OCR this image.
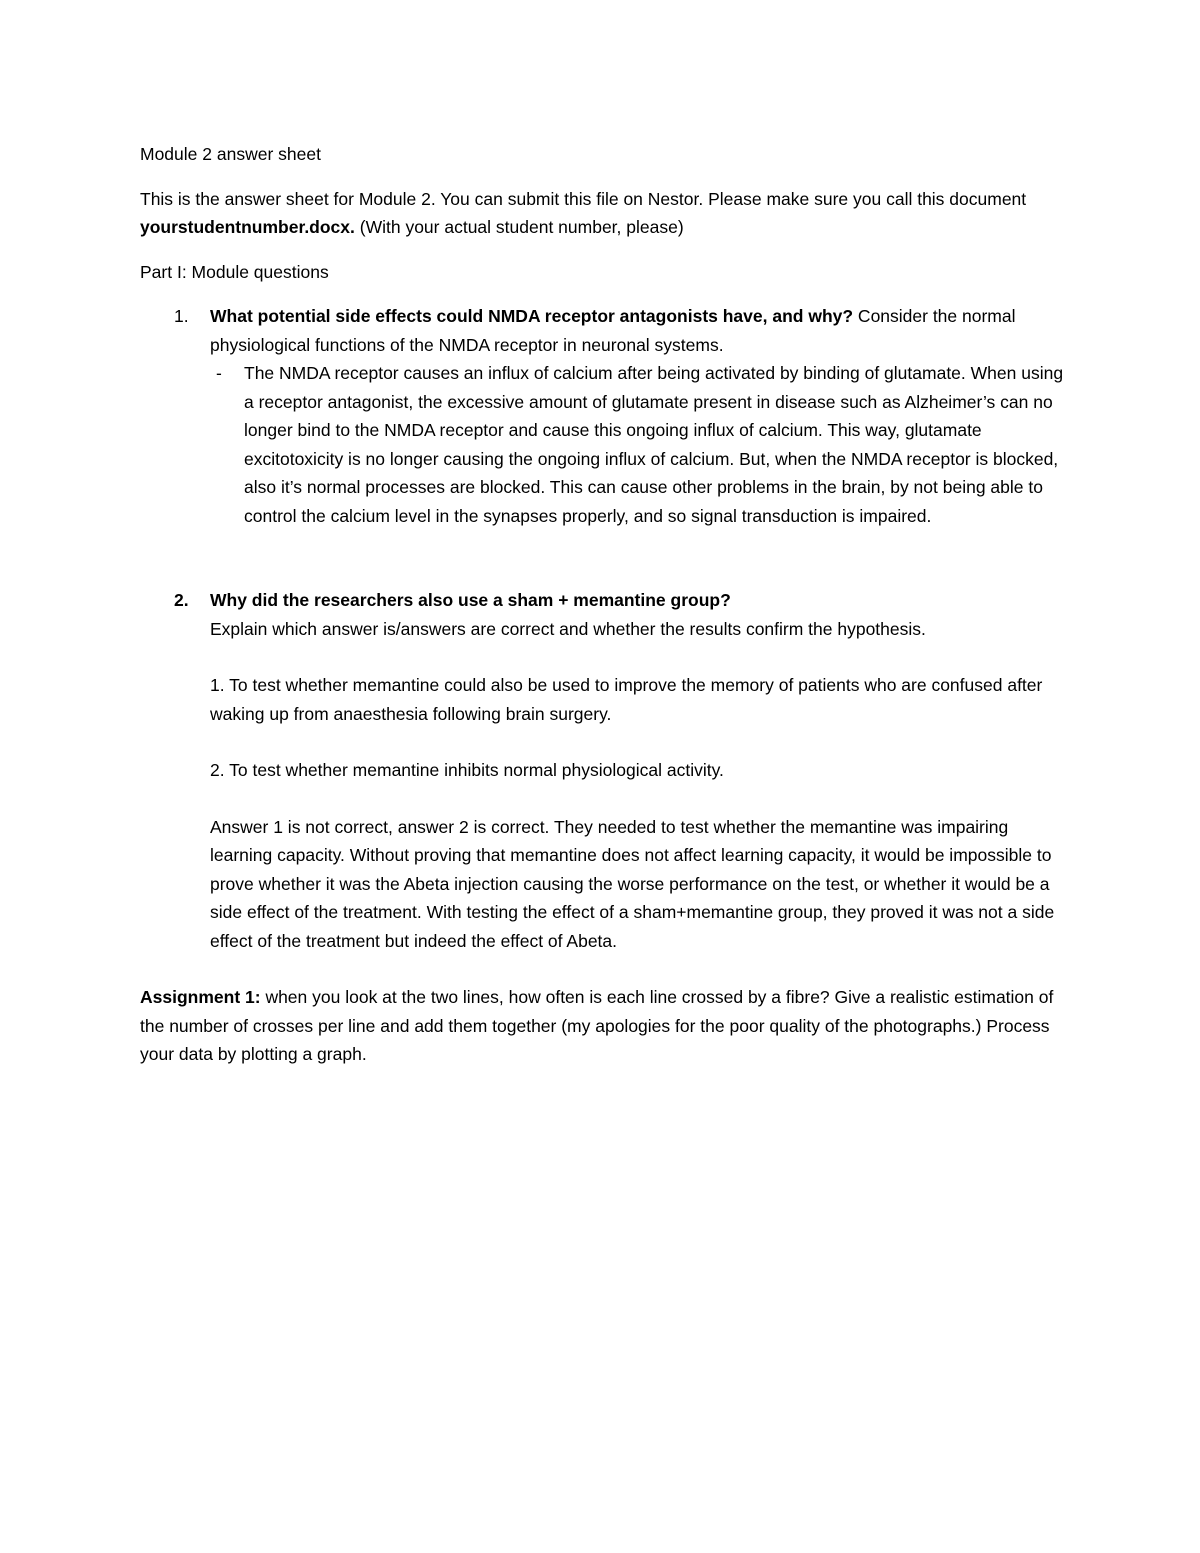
Module 2 answer sheet

This is the answer sheet for Module 2. You can submit this file on Nestor. Please make sure you call this document yourstudentnumber.docx. (With your actual student number, please)

Part I: Module questions

1. What potential side effects could NMDA receptor antagonists have, and why? Consider the normal physiological functions of the NMDA receptor in neuronal systems.

- The NMDA receptor causes an influx of calcium after being activated by binding of glutamate. When using a receptor antagonist, the excessive amount of glutamate present in disease such as Alzheimer’s can no longer bind to the NMDA receptor and cause this ongoing influx of calcium. This way, glutamate excitotoxicity is no longer causing the ongoing influx of calcium. But, when the NMDA receptor is blocked, also it’s normal processes are blocked. This can cause other problems in the brain, by not being able to control the calcium level in the synapses properly, and so signal transduction is impaired.

2. Why did the researchers also use a sham + memantine group?

Explain which answer is/answers are correct and whether the results confirm the hypothesis.

1. To test whether memantine could also be used to improve the memory of patients who are confused after waking up from anaesthesia following brain surgery.

2. To test whether memantine inhibits normal physiological activity.

Answer 1 is not correct, answer 2 is correct. They needed to test whether the memantine was impairing learning capacity. Without proving that memantine does not affect learning capacity, it would be impossible to prove whether it was the Abeta injection causing the worse performance on the test, or whether it would be a side effect of the treatment. With testing the effect of a sham+memantine group, they proved it was not a side effect of the treatment but indeed the effect of Abeta.

Assignment 1: when you look at the two lines, how often is each line crossed by a fibre? Give a realistic estimation of the number of crosses per line and add them together (my apologies for the poor quality of the photographs.) Process your data by plotting a graph.
